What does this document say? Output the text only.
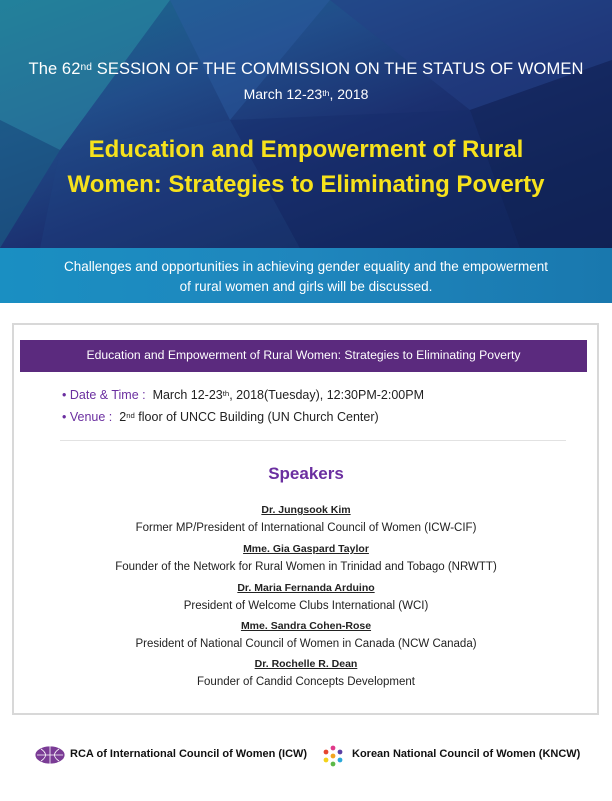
The 62nd SESSION OF THE COMMISSION ON THE STATUS OF WOMEN
March 12-23th, 2018
Education and Empowerment of Rural
Women: Strategies to Eliminating Poverty
Challenges and opportunities in achieving gender equality and the empowerment
of rural women and girls will be discussed.
Education and Empowerment of Rural Women: Strategies to Eliminating Poverty
• Date & Time : March 12-23th, 2018(Tuesday), 12:30PM-2:00PM
• Venue : 2nd floor of UNCC Building (UN Church Center)
Speakers
Dr. Jungsook Kim
Former MP/President of International Council of Women (ICW-CIF)
Mme. Gia Gaspard Taylor
Founder of the Network for Rural Women in Trinidad and Tobago (NRWTT)
Dr. Maria Fernanda Arduino
President of Welcome Clubs International (WCI)
Mme. Sandra Cohen-Rose
President of National Council of Women in Canada (NCW Canada)
Dr. Rochelle R. Dean
Founder of Candid Concepts Development
RCA of International Council of Women (ICW)	Korean National Council of Women (KNCW)
